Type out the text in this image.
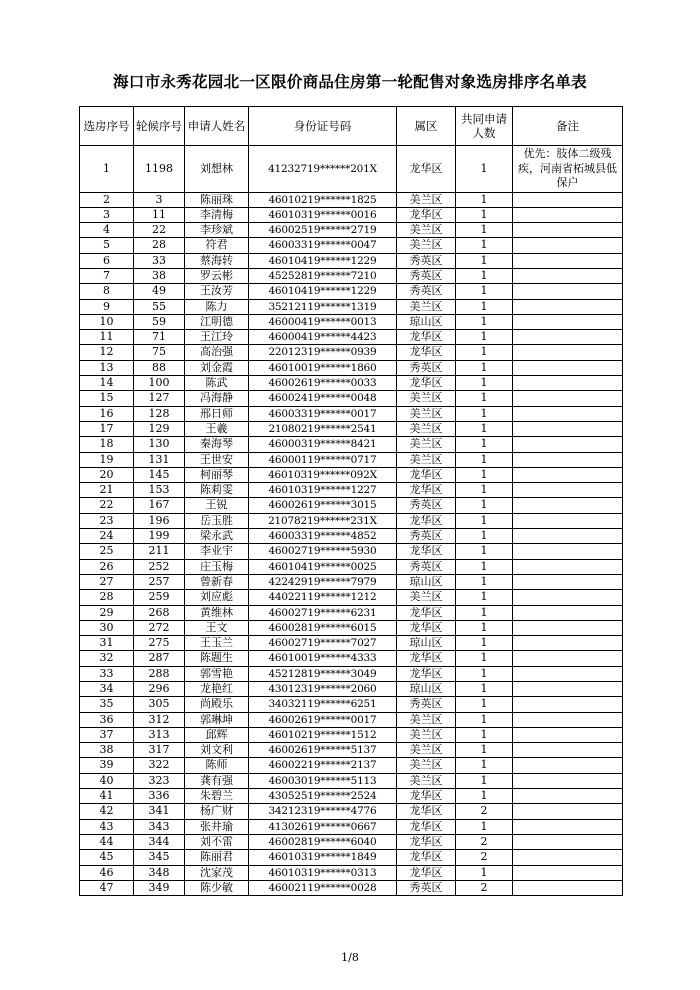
海口市永秀花园北一区限价商品住房第一轮配售对象选房排序名单表
选房序号	轮候序号	申请人姓名	身份证号码	属区	共同申请人数	备注
1	1198	刘想林	41232719******201X	龙华区	1	优先：肢体二级残疾，河南省柘城县低保户
2	3	陈丽珠	46010219******1825	美兰区	1	
3	11	李清梅	46010319******0016	龙华区	1	
4	22	李珍斌	46002519******2719	美兰区	1	
5	28	符君	46003319******0047	美兰区	1	
6	33	蔡海转	46010419******1229	秀英区	1	
7	38	罗云彬	45252819******7210	秀英区	1	
8	49	王汝芳	46010419******1229	秀英区	1	
9	55	陈力	35212119******1319	美兰区	1	
10	59	江明德	46000419******0013	琼山区	1	
11	71	王江玲	46000419******4423	龙华区	1	
12	75	高治强	22012319******0939	龙华区	1	
13	88	刘金霞	46010019******1860	秀英区	1	
14	100	陈武	46002619******0033	龙华区	1	
15	127	冯海静	46002419******0048	美兰区	1	
16	128	邢日师	46003319******0017	美兰区	1	
17	129	王羲	21080219******2541	美兰区	1	
18	130	秦海琴	46000319******8421	美兰区	1	
19	131	王世安	46000119******0717	美兰区	1	
20	145	柯丽琴	46010319******092X	龙华区	1	
21	153	陈莉雯	46010319******1227	龙华区	1	
22	167	王锐	46002619******3015	秀英区	1	
23	196	岳玉胜	21078219******231X	龙华区	1	
24	199	梁永武	46003319******4852	秀英区	1	
25	211	李业宇	46002719******5930	龙华区	1	
26	252	庄玉梅	46010419******0025	秀英区	1	
27	257	曾新春	42242919******7979	琼山区	1	
28	259	刘应彪	44022119******1212	美兰区	1	
29	268	黄维林	46002719******6231	龙华区	1	
30	272	王文	46002819******6015	龙华区	1	
31	275	王玉兰	46002719******7027	琼山区	1	
32	287	陈题生	46010019******4333	龙华区	1	
33	288	郭雪艳	45212819******3049	龙华区	1	
34	296	龙艳红	43012319******2060	琼山区	1	
35	305	尚殿乐	34032119******6251	秀英区	1	
36	312	郭琳坤	46002619******0017	美兰区	1	
37	313	邱辉	46010219******1512	美兰区	1	
38	317	刘文利	46002619******5137	美兰区	1	
39	322	陈师	46002219******2137	美兰区	1	
40	323	龚有强	46003019******5113	美兰区	1	
41	336	朱碧兰	43052519******2524	龙华区	1	
42	341	杨广财	34212319******4776	龙华区	2	
43	343	张井瑜	41302619******0667	龙华区	1	
44	344	刘不雷	46002819******6040	龙华区	2	
45	345	陈丽君	46010319******1849	龙华区	2	
46	348	沈家茂	46010319******0313	龙华区	1	
47	349	陈少敏	46002119******0028	秀英区	2	
1/8
